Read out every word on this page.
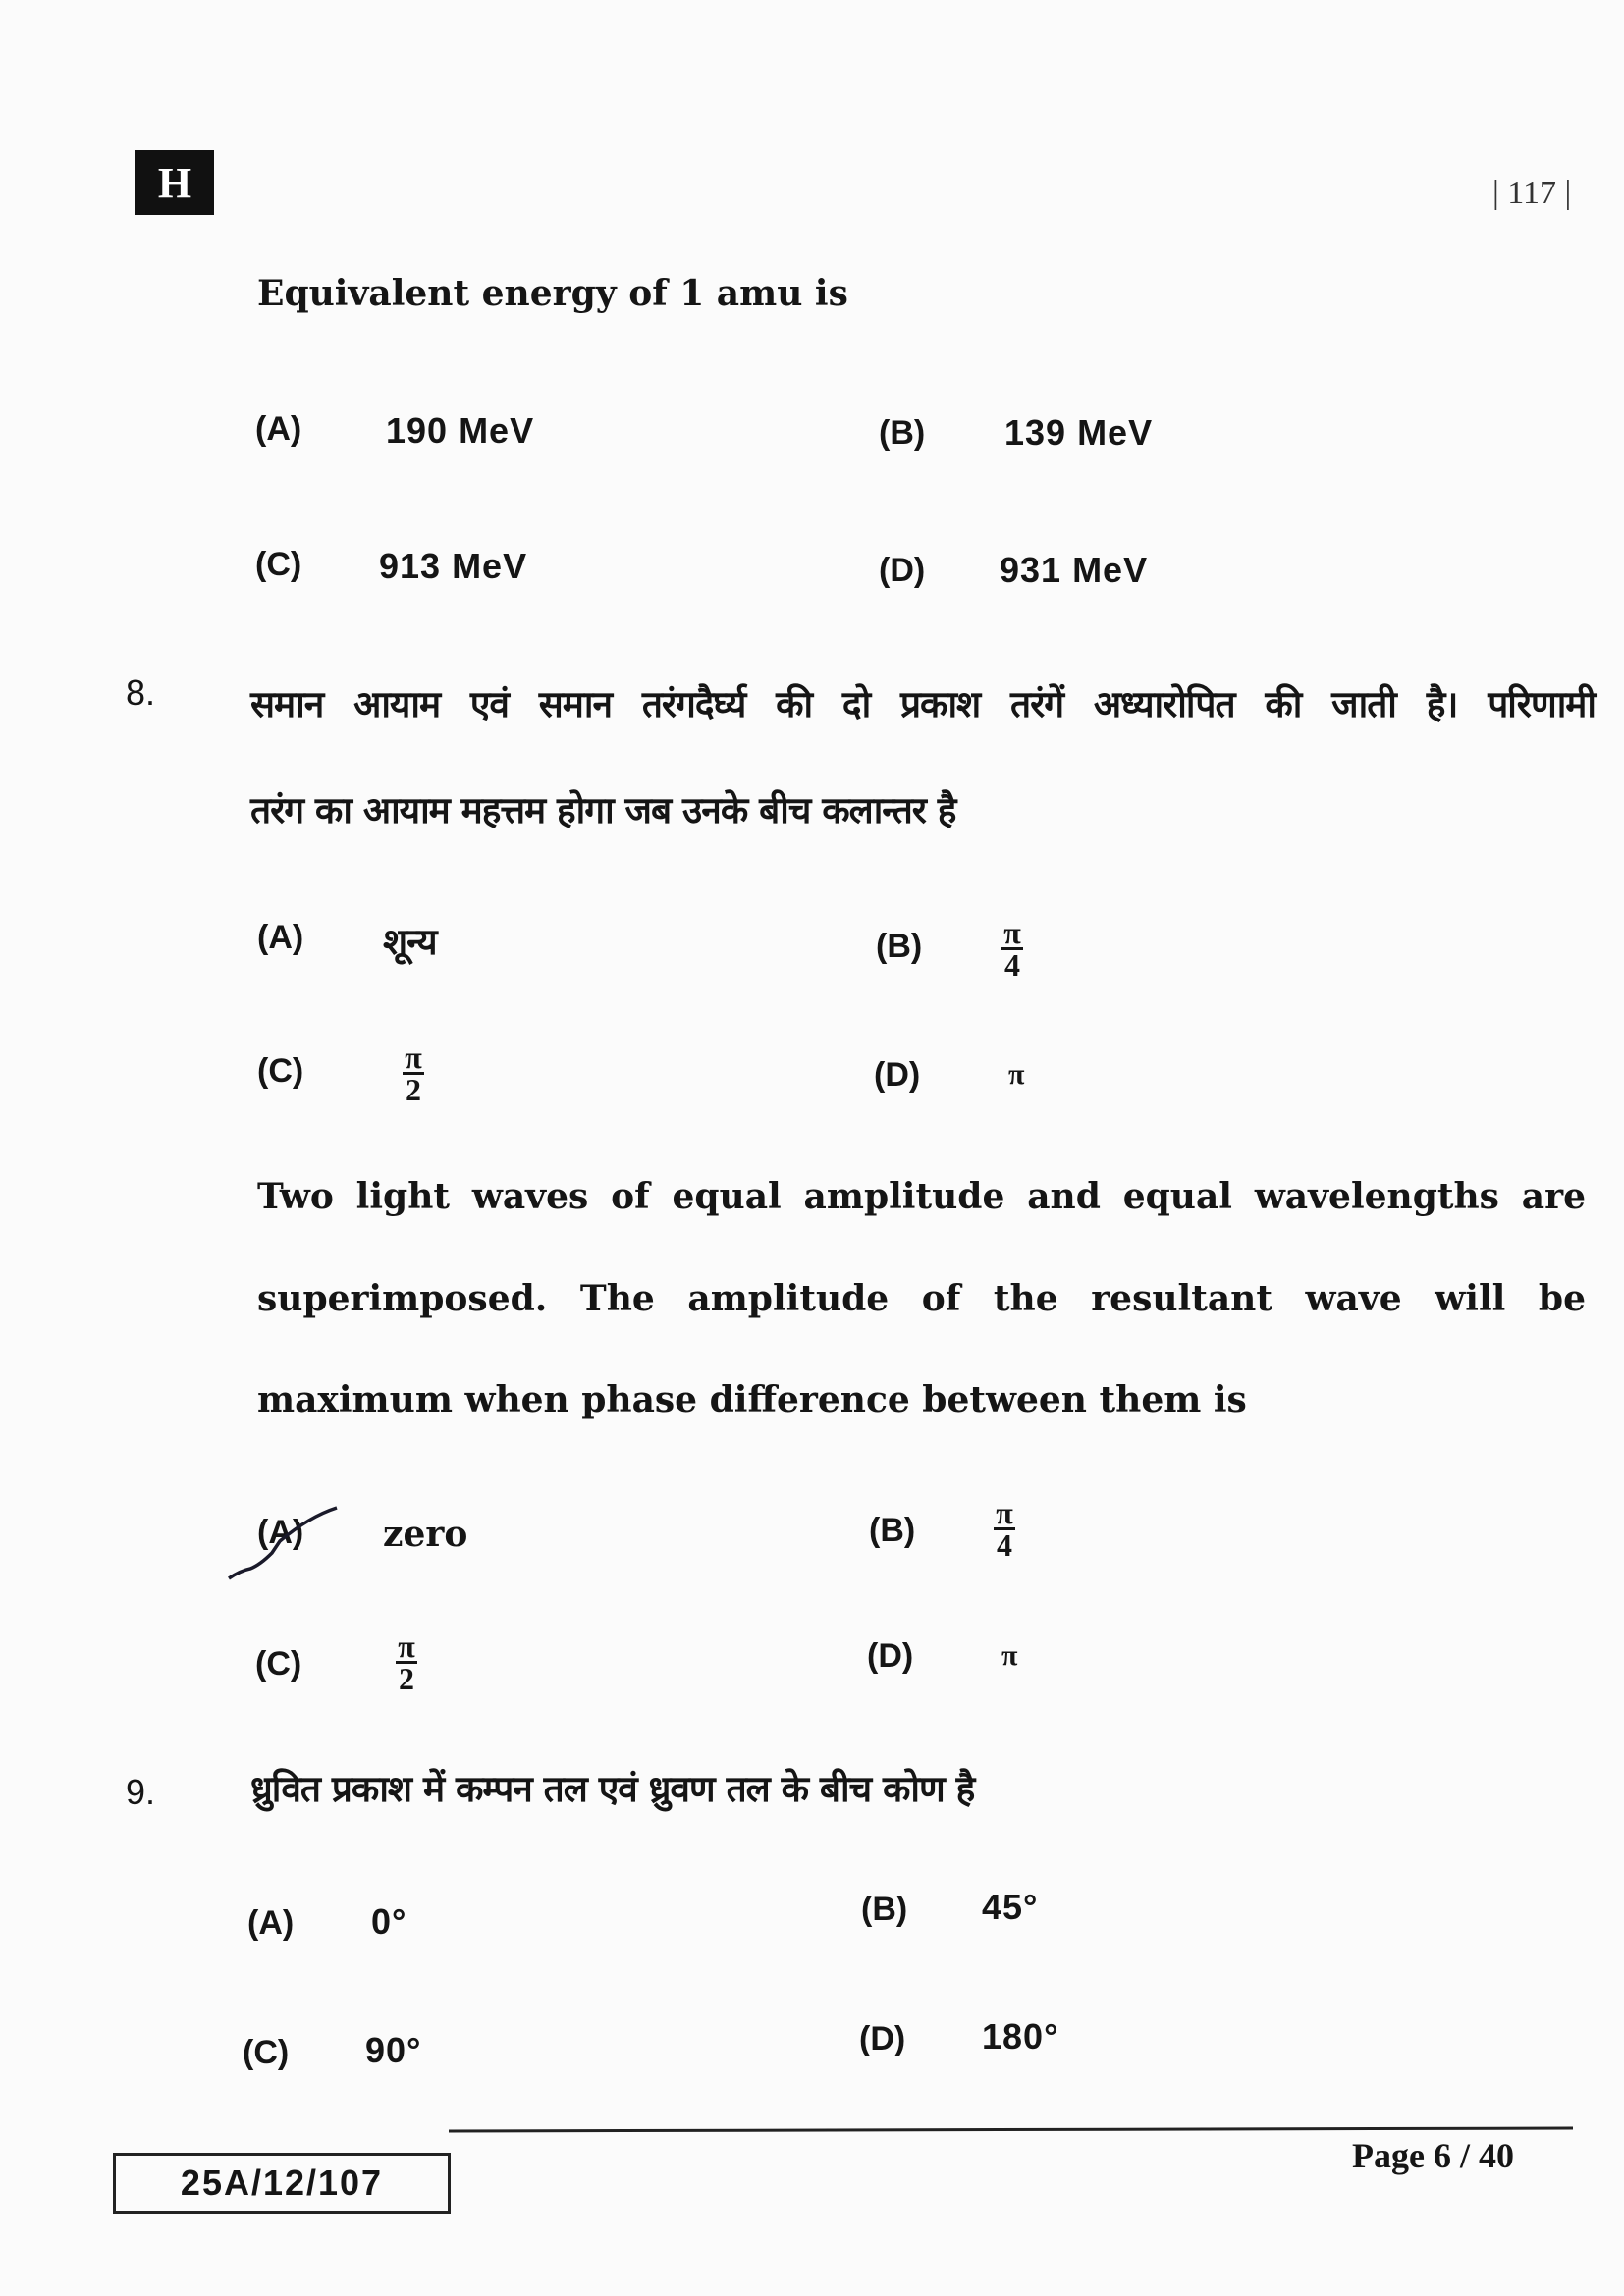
H	| 117 |
Equivalent energy of 1 amu is
(A) 190 MeV	(B) 139 MeV
(C) 913 MeV	(D) 931 MeV
8.	समान आयाम एवं समान तरंगदैर्घ्य की दो प्रकाश तरंगें अध्यारोपित की जाती है। परिणामी
तरंग का आयाम महत्तम होगा जब उनके बीच कलान्तर है
(A) शून्य	(B)	π
4
(C)	π
2	(D)	π
Two light waves of equal amplitude and equal wavelengths are
superimposed. The amplitude of the resultant wave will be
maximum when phase difference between them is
(A) zero	(B)	π
4
(C)	π
2
(D)	π
9.	ध्रुवित प्रकाश में कम्पन तल एवं ध्रुवण तल के बीच कोण है
(A) 0°	(B) 45°
(C) 90°	(D) 180°
25A/12/107
Page 6 / 40
